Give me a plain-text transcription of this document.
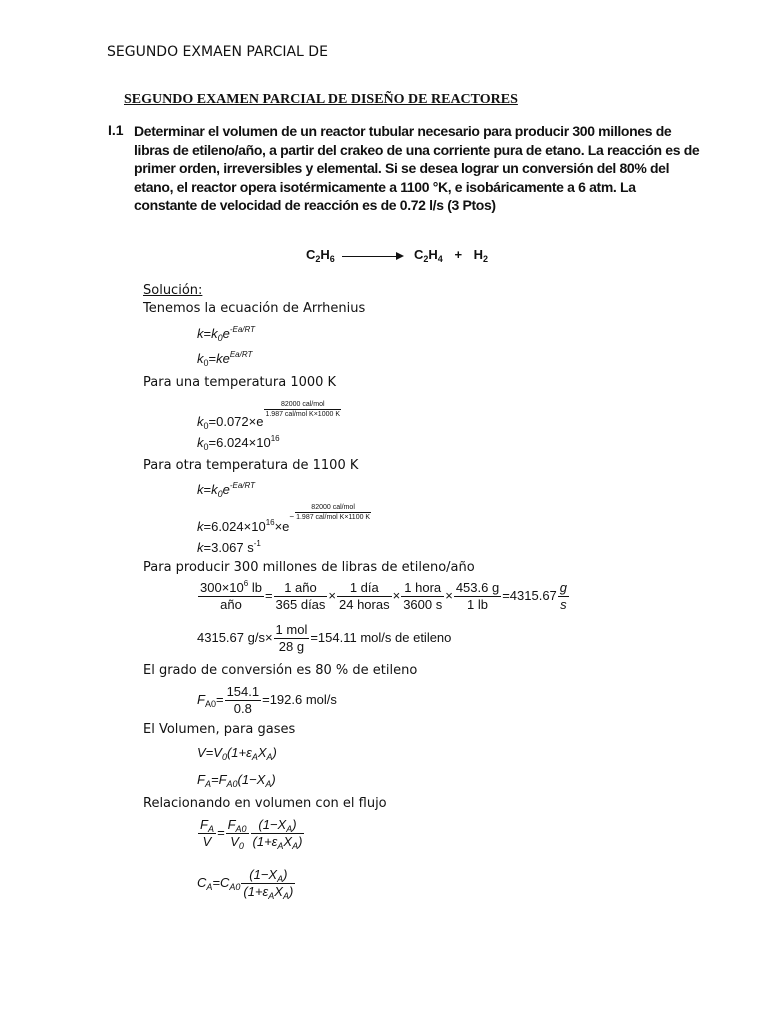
SEGUNDO EXMAEN PARCIAL DE
SEGUNDO EXAMEN PARCIAL DE DISEÑO DE REACTORES
I.1 Determinar el volumen de un reactor tubular necesario para producir 300 millones de
libras de etileno/año, a partir del crakeo de una corriente pura de etano. La reacción es de
primer orden, irreversibles y elemental. Si se desea lograr un conversión del 80% del
etano, el reactor opera isotérmicamente a 1100 °K, e isobáricamente a 6 atm. La
constante de velocidad de reacción es de 0.72 l/s (3 Ptos)
$C_2H_6$	$C_2H_4 + H_2$
Solución:
Tenemos la ecuación de Arrhenius
$k=k_0e^{-Ea/RT}$
$k_0=ke^{Ea/RT}$
Para una temperatura 1000 K
$k_0=0.072\times e$
82000 cal/mol
1.987 cal/mol K×1000 K
$k_0=6.024\times 10^{16}$
Para otra temperatura de 1100 K
$k=k_0e^{-Ea/RT}$
$k=6.024\times 10^{16}\times e^-$
82000 cal/mol
1.987 cal/mol K×1100 K
k=3.067 $s^{-1}$
Para producir 300 millones de libras de etileno/año
$\frac{300\times 10^6 lb}{\text{año}} = \frac{\text{1 año}}{\text{365 días}} \times \frac{\text{1 día}}{\text{24 horas}} \times \frac{\text{1 hora}}{3600 s} \times \frac{453.6 g}{1 lb} =4315.67 \frac{g}{s}$
4315.67 $g/s\times \frac{\text{1 mol}}{28 g} =154.11$ mol/s de etileno
El grado de conversión es 80 % de etileno
$F_{A0}= \frac{154.1}{0.8} =192.6$ mol/s
El Volumen, para gases
$V=V_0(1+\varepsilon_AX_A)$
$F_A=F_{A0}(1-X_A)$
Relacionando en volumen con el flujo
$\frac{F_A}{V} = \frac{F_{A0}}{V_0} \frac{(1-X_A)}{(1+\varepsilon_AX_A)}$
$C_A=C_{A0} \frac{(1-X_A)}{(1+\varepsilon_AX_A)}$
